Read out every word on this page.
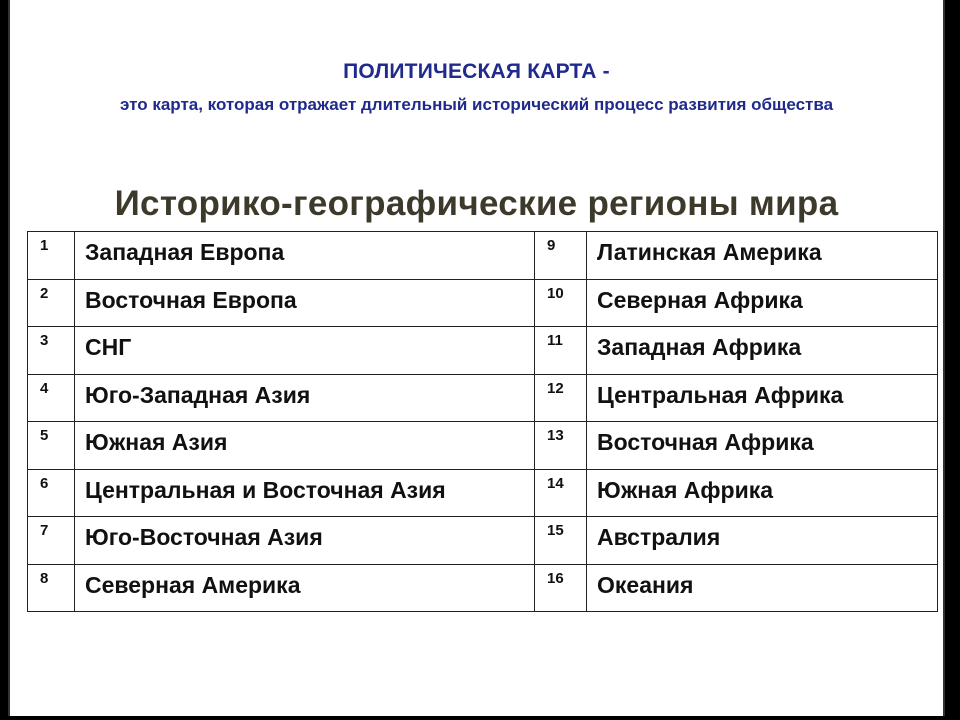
ПОЛИТИЧЕСКАЯ КАРТА -
это карта, которая отражает длительный исторический процесс развития общества
Историко-географические регионы мира
1	Западная Европа	9	Латинская Америка
2	Восточная Европа	10	Северная Африка
3	СНГ	11	Западная Африка
4	Юго-Западная Азия	12	Центральная Африка
5	Южная Азия	13	Восточная Африка
6	Центральная и Восточная Азия	14	Южная Африка
7	Юго-Восточная Азия	15	Австралия
8	Северная Америка	16	Океания
